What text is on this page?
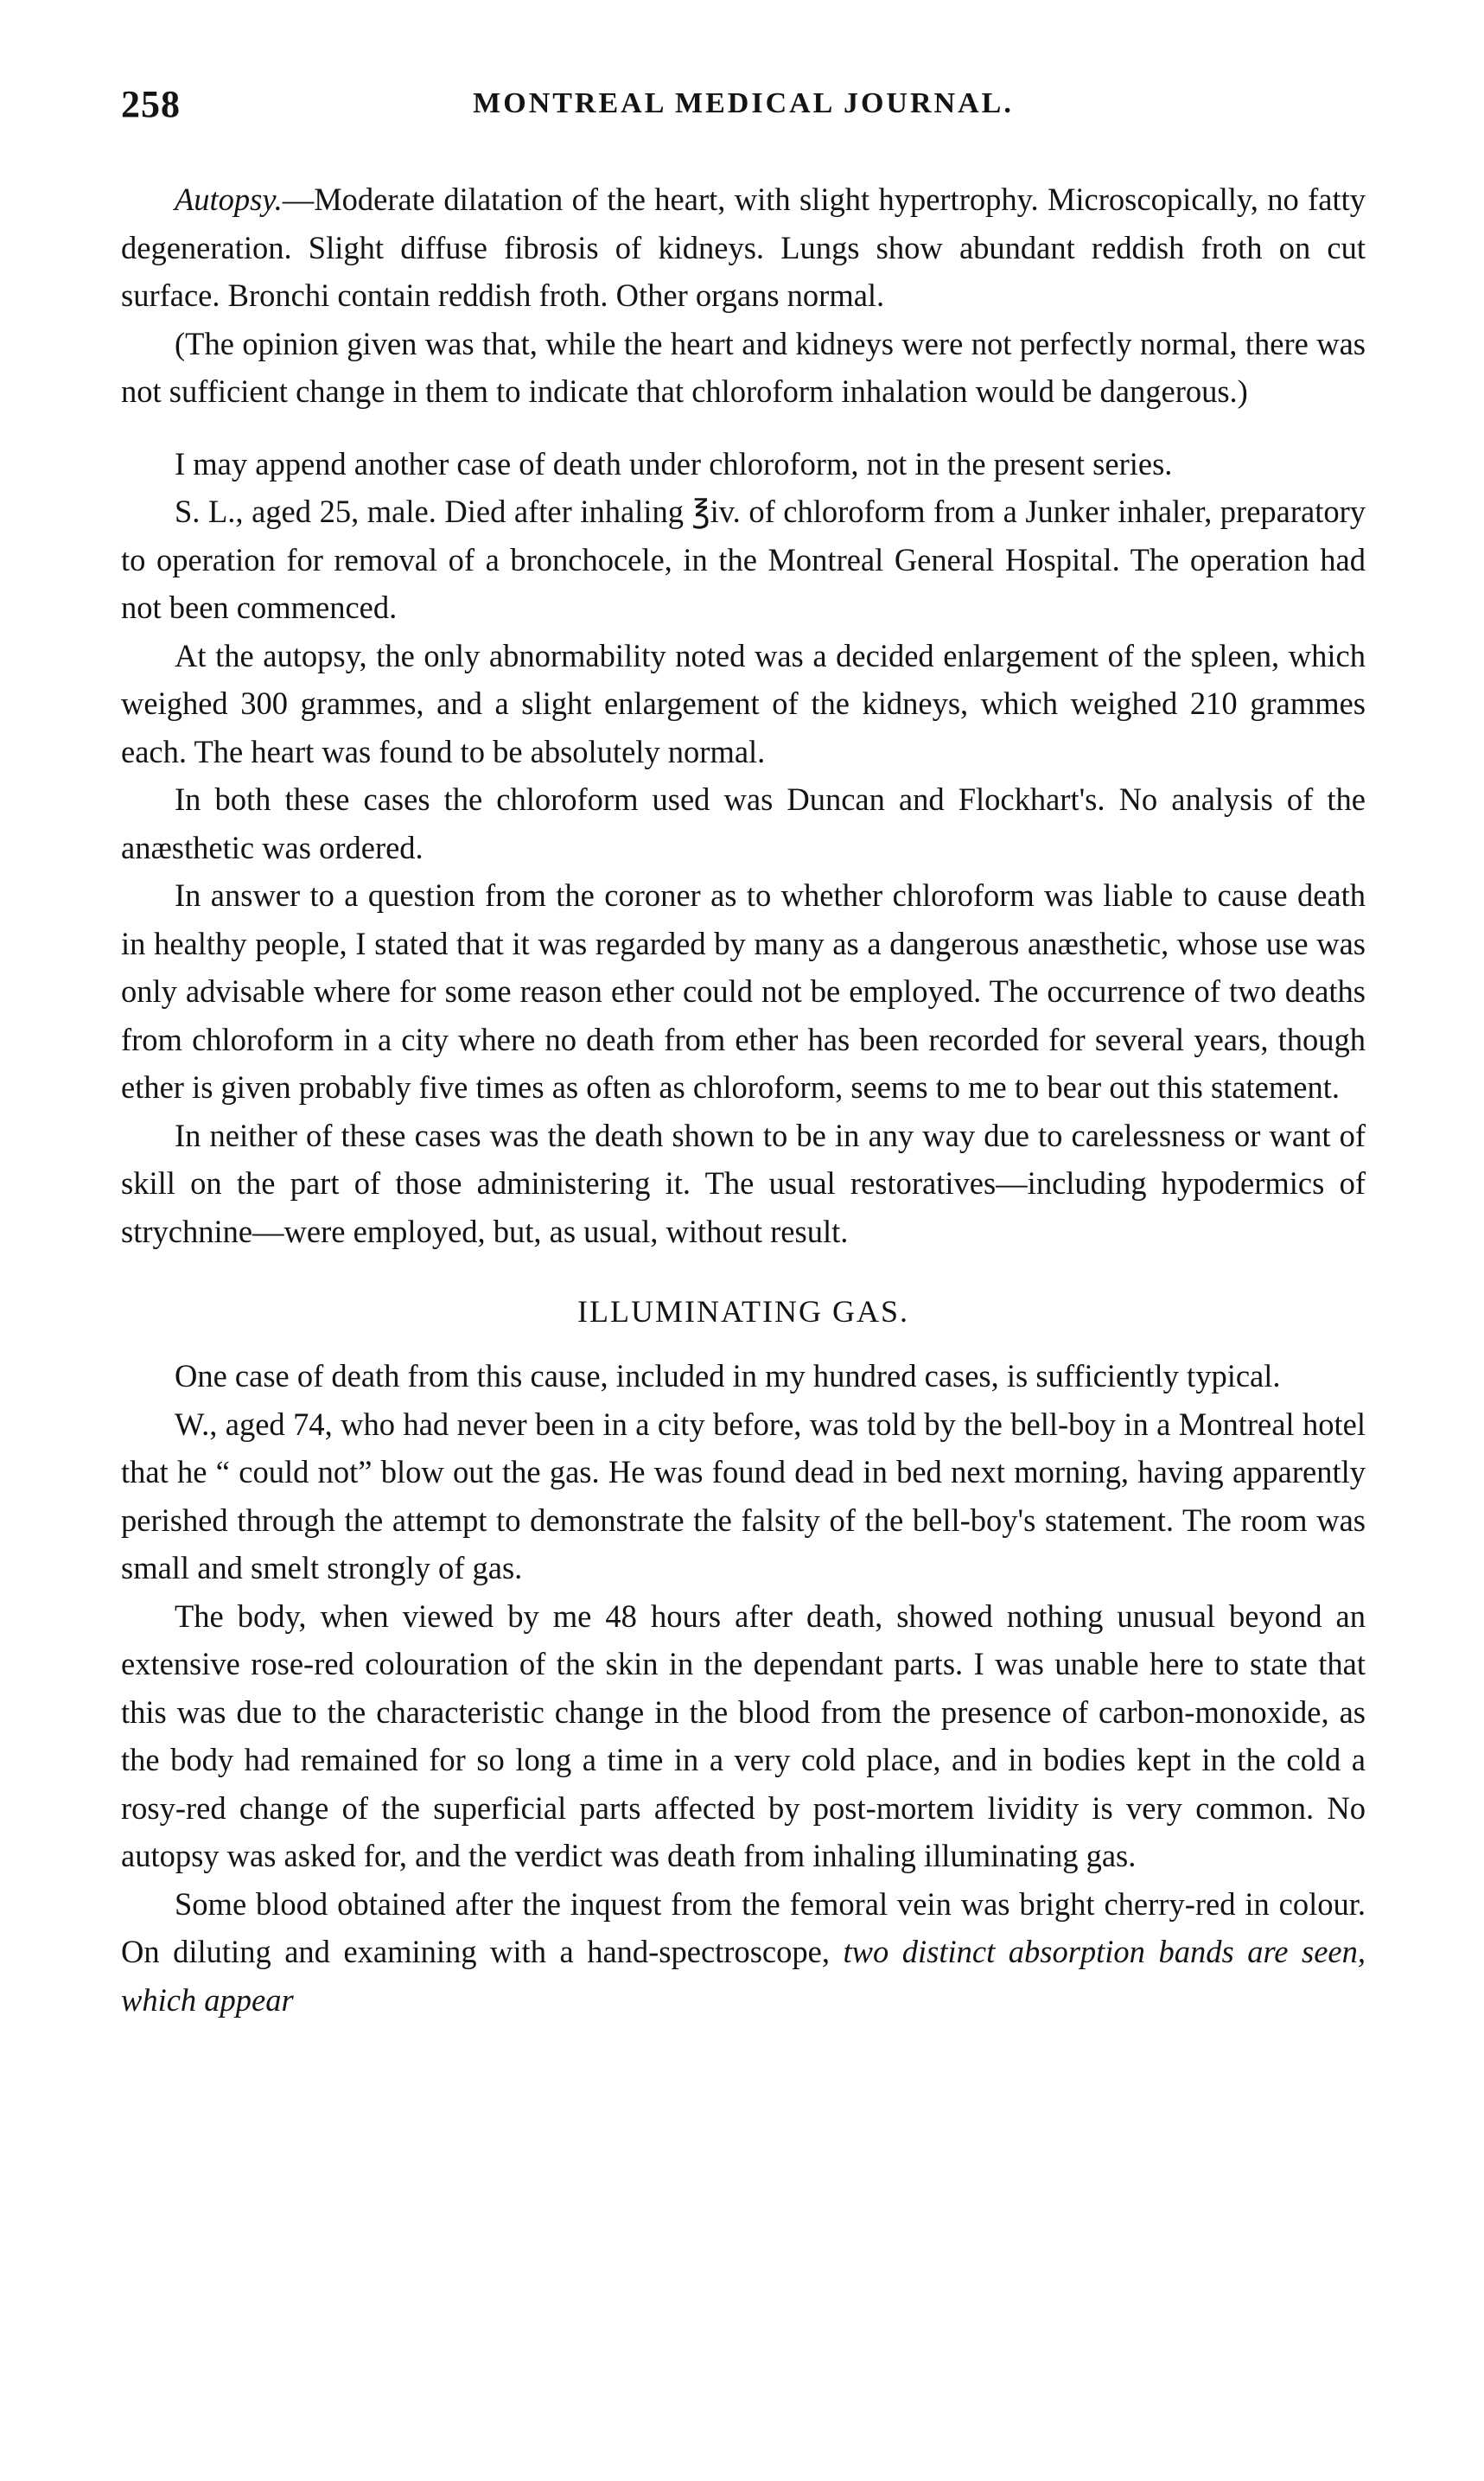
258	MONTREAL MEDICAL JOURNAL.

Autopsy.—Moderate dilatation of the heart, with slight hypertrophy. Microscopically, no fatty degeneration. Slight diffuse fibrosis of kidneys. Lungs show abundant reddish froth on cut surface. Bronchi contain reddish froth. Other organs normal.

(The opinion given was that, while the heart and kidneys were not perfectly normal, there was not sufficient change in them to indicate that chloroform inhalation would be dangerous.)

I may append another case of death under chloroform, not in the present series.

S. L., aged 25, male. Died after inhaling ℥iv. of chloroform from a Junker inhaler, preparatory to operation for removal of a bronchocele, in the Montreal General Hospital. The operation had not been commenced.

At the autopsy, the only abnormability noted was a decided enlargement of the spleen, which weighed 300 grammes, and a slight enlargement of the kidneys, which weighed 210 grammes each. The heart was found to be absolutely normal.

In both these cases the chloroform used was Duncan and Flockhart's. No analysis of the anæsthetic was ordered.

In answer to a question from the coroner as to whether chloroform was liable to cause death in healthy people, I stated that it was regarded by many as a dangerous anæsthetic, whose use was only advisable where for some reason ether could not be employed. The occurrence of two deaths from chloroform in a city where no death from ether has been recorded for several years, though ether is given probably five times as often as chloroform, seems to me to bear out this statement.

In neither of these cases was the death shown to be in any way due to carelessness or want of skill on the part of those administering it. The usual restoratives—including hypodermics of strychnine—were employed, but, as usual, without result.

ILLUMINATING GAS.

One case of death from this cause, included in my hundred cases, is sufficiently typical.

W., aged 74, who had never been in a city before, was told by the bell-boy in a Montreal hotel that he “ could not” blow out the gas. He was found dead in bed next morning, having apparently perished through the attempt to demonstrate the falsity of the bell-boy's statement. The room was small and smelt strongly of gas.

The body, when viewed by me 48 hours after death, showed nothing unusual beyond an extensive rose-red colouration of the skin in the dependant parts. I was unable here to state that this was due to the characteristic change in the blood from the presence of carbon-monoxide, as the body had remained for so long a time in a very cold place, and in bodies kept in the cold a rosy-red change of the superficial parts affected by post-mortem lividity is very common. No autopsy was asked for, and the verdict was death from inhaling illuminating gas.

Some blood obtained after the inquest from the femoral vein was bright cherry-red in colour. On diluting and examining with a hand-spectroscope, two distinct absorption bands are seen, which appear
